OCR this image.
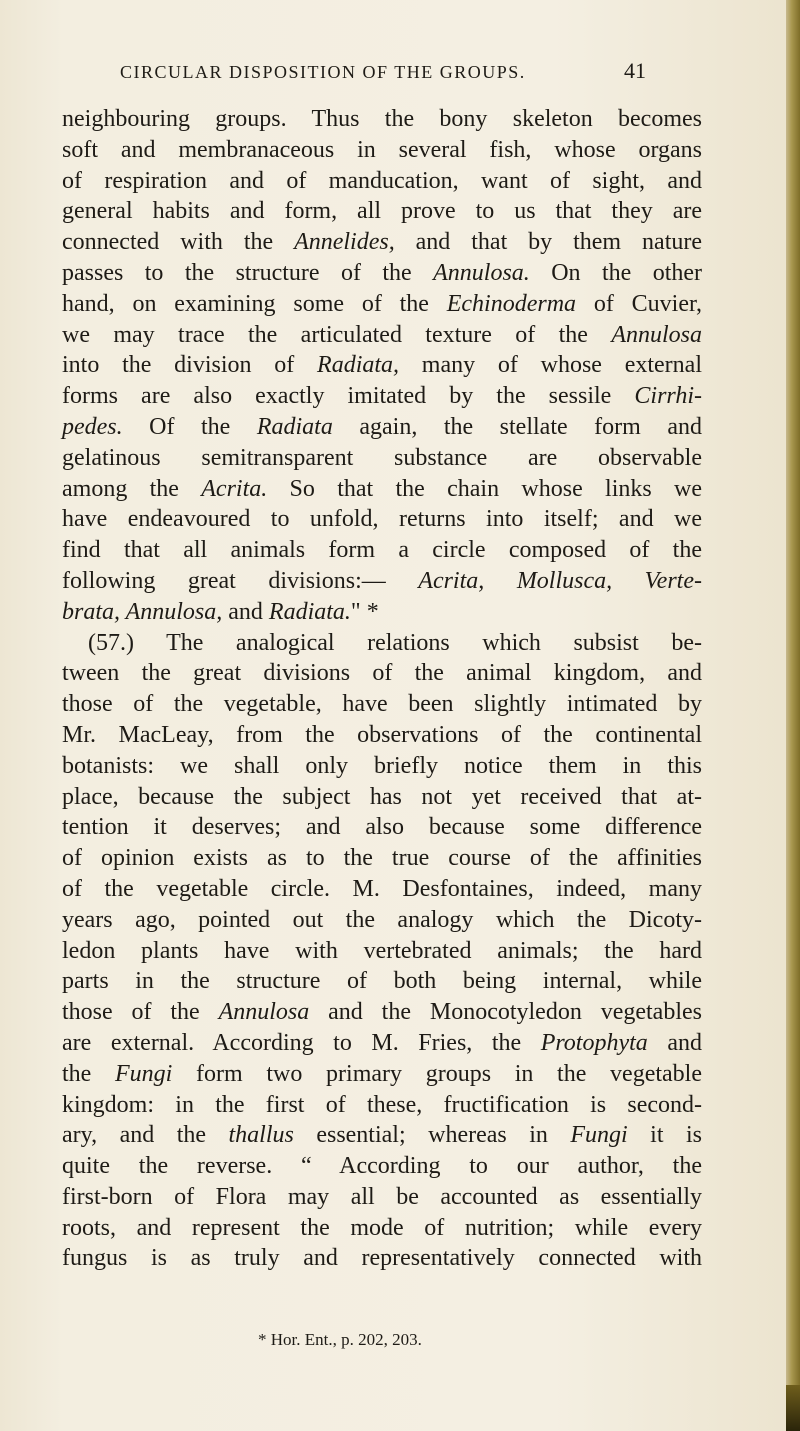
CIRCULAR DISPOSITION OF THE GROUPS.	41
neighbouring groups. Thus the bony skeleton becomes
soft and membranaceous in several fish, whose organs
of respiration and of manducation, want of sight, and
general habits and form, all prove to us that they are
connected with the Annelides, and that by them nature
passes to the structure of the Annulosa. On the other
hand, on examining some of the Echinoderma of Cuvier,
we may trace the articulated texture of the Annulosa
into the division of Radiata, many of whose external
forms are also exactly imitated by the sessile Cirrhi-
pedes. Of the Radiata again, the stellate form and
gelatinous semitransparent substance are observable
among the Acrita. So that the chain whose links we
have endeavoured to unfold, returns into itself; and we
find that all animals form a circle composed of the
following great divisions:— Acrita, Mollusca, Verte-
brata, Annulosa, and Radiata." *
(57.) The analogical relations which subsist be-
tween the great divisions of the animal kingdom, and
those of the vegetable, have been slightly intimated by
Mr. MacLeay, from the observations of the continental
botanists: we shall only briefly notice them in this
place, because the subject has not yet received that at-
tention it deserves; and also because some difference
of opinion exists as to the true course of the affinities
of the vegetable circle. M. Desfontaines, indeed, many
years ago, pointed out the analogy which the Dicoty-
ledon plants have with vertebrated animals; the hard
parts in the structure of both being internal, while
those of the Annulosa and the Monocotyledon vegetables
are external. According to M. Fries, the Protophyta and
the Fungi form two primary groups in the vegetable
kingdom: in the first of these, fructification is second-
ary, and the thallus essential; whereas in Fungi it is
quite the reverse. “ According to our author, the
first-born of Flora may all be accounted as essentially
roots, and represent the mode of nutrition; while every
fungus is as truly and representatively connected with
* Hor. Ent., p. 202, 203.
